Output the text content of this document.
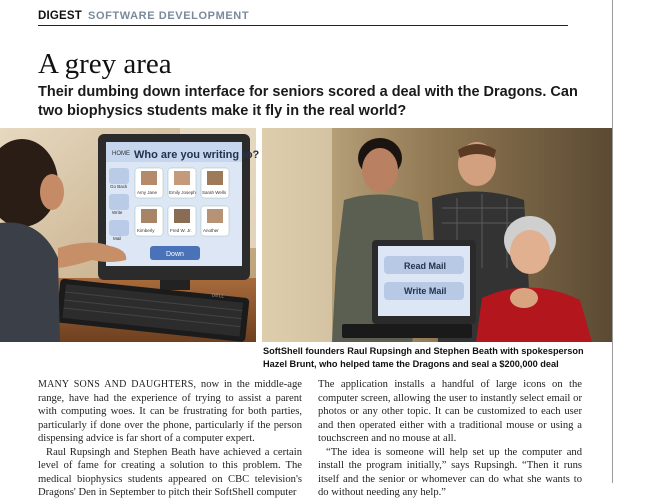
DIGEST SOFTWARE DEVELOPMENT
A grey area
Their dumbing down interface for seniors scored a deal with the Dragons. Can two biophysics students make it fly in the real world?
HOME Who are you writing to?
Go Back
Write
Mail
Amy Jane	Emily Joseph Sarah Wells
Kimberly	Fred W. Jr. Another
Down
DELL
Read Mail
Write Mail
SoftShell founders Raul Rupsingh and Stephen Beath with spokesperson Hazel Brunt, who helped tame the Dragons and seal a $200,000 deal

MANY SONS AND DAUGHTERS, now in the middle-age range, have had the experience of trying to assist a parent with computing woes. It can be frustrating for both parties, particularly if done over the phone, particularly if the person dispensing advice is far short of a computer expert.

Raul Rupsingh and Stephen Beath have achieved a certain level of fame for creating a solution to this problem. The medical biophysics students appeared on CBC television's Dragons' Den in September to pitch their SoftShell computer

The application installs a handful of large icons on the computer screen, allowing the user to instantly select email or photos or any other topic. It can be customized to each user and then operated either with a traditional mouse or using a touchscreen and no mouse at all.

“The idea is someone will help set up the computer and install the program initially,” says Rupsingh. “Then it runs itself and the senior or whomever can do what she wants to do without needing any help.”
